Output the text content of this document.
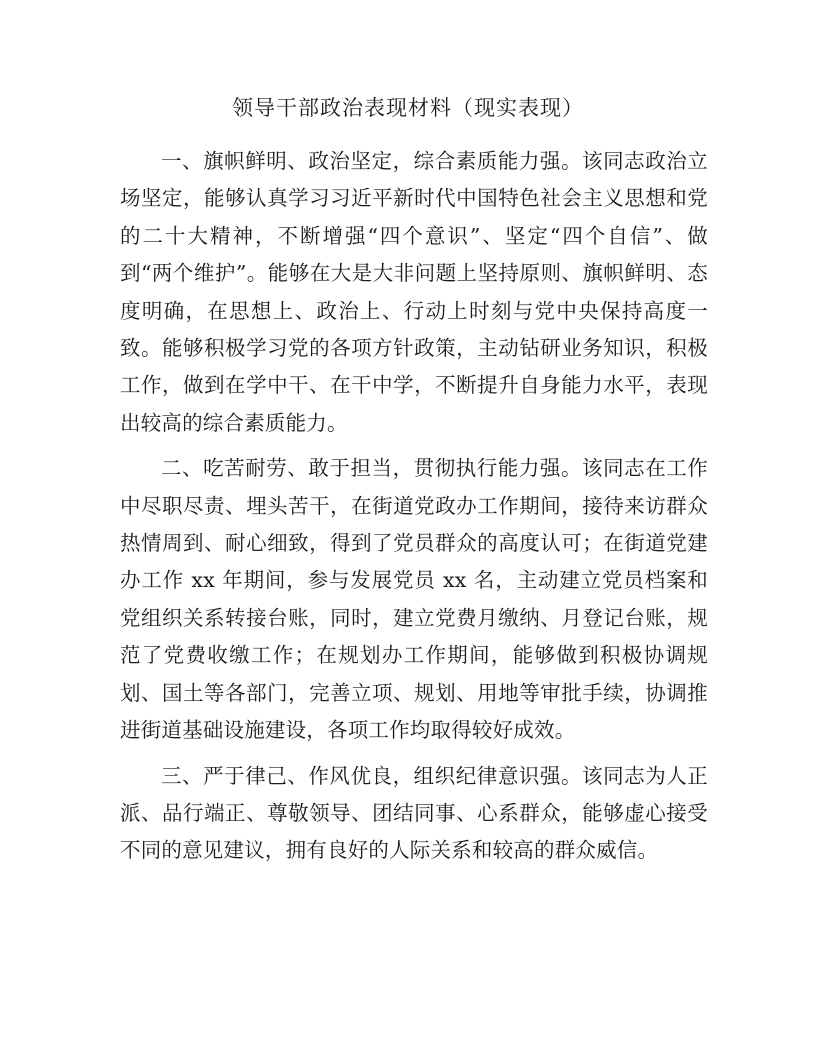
领导干部政治表现材料（现实表现）

一、旗帜鲜明、政治坚定，综合素质能力强。该同志政治立场坚定，能够认真学习习近平新时代中国特色社会主义思想和党的二十大精神，不断增强“四个意识”、坚定“四个自信”、做到“两个维护”。能够在大是大非问题上坚持原则、旗帜鲜明、态度明确，在思想上、政治上、行动上时刻与党中央保持高度一致。能够积极学习党的各项方针政策，主动钻研业务知识，积极工作，做到在学中干、在干中学，不断提升自身能力水平，表现出较高的综合素质能力。

二、吃苦耐劳、敢于担当，贯彻执行能力强。该同志在工作中尽职尽责、埋头苦干，在街道党政办工作期间，接待来访群众热情周到、耐心细致，得到了党员群众的高度认可；在街道党建办工作 xx 年期间，参与发展党员 xx 名，主动建立党员档案和党组织关系转接台账，同时，建立党费月缴纳、月登记台账，规范了党费收缴工作；在规划办工作期间，能够做到积极协调规划、国土等各部门，完善立项、规划、用地等审批手续，协调推进街道基础设施建设，各项工作均取得较好成效。

三、严于律己、作风优良，组织纪律意识强。该同志为人正派、品行端正、尊敬领导、团结同事、心系群众，能够虚心接受不同的意见建议，拥有良好的人际关系和较高的群众威信。
